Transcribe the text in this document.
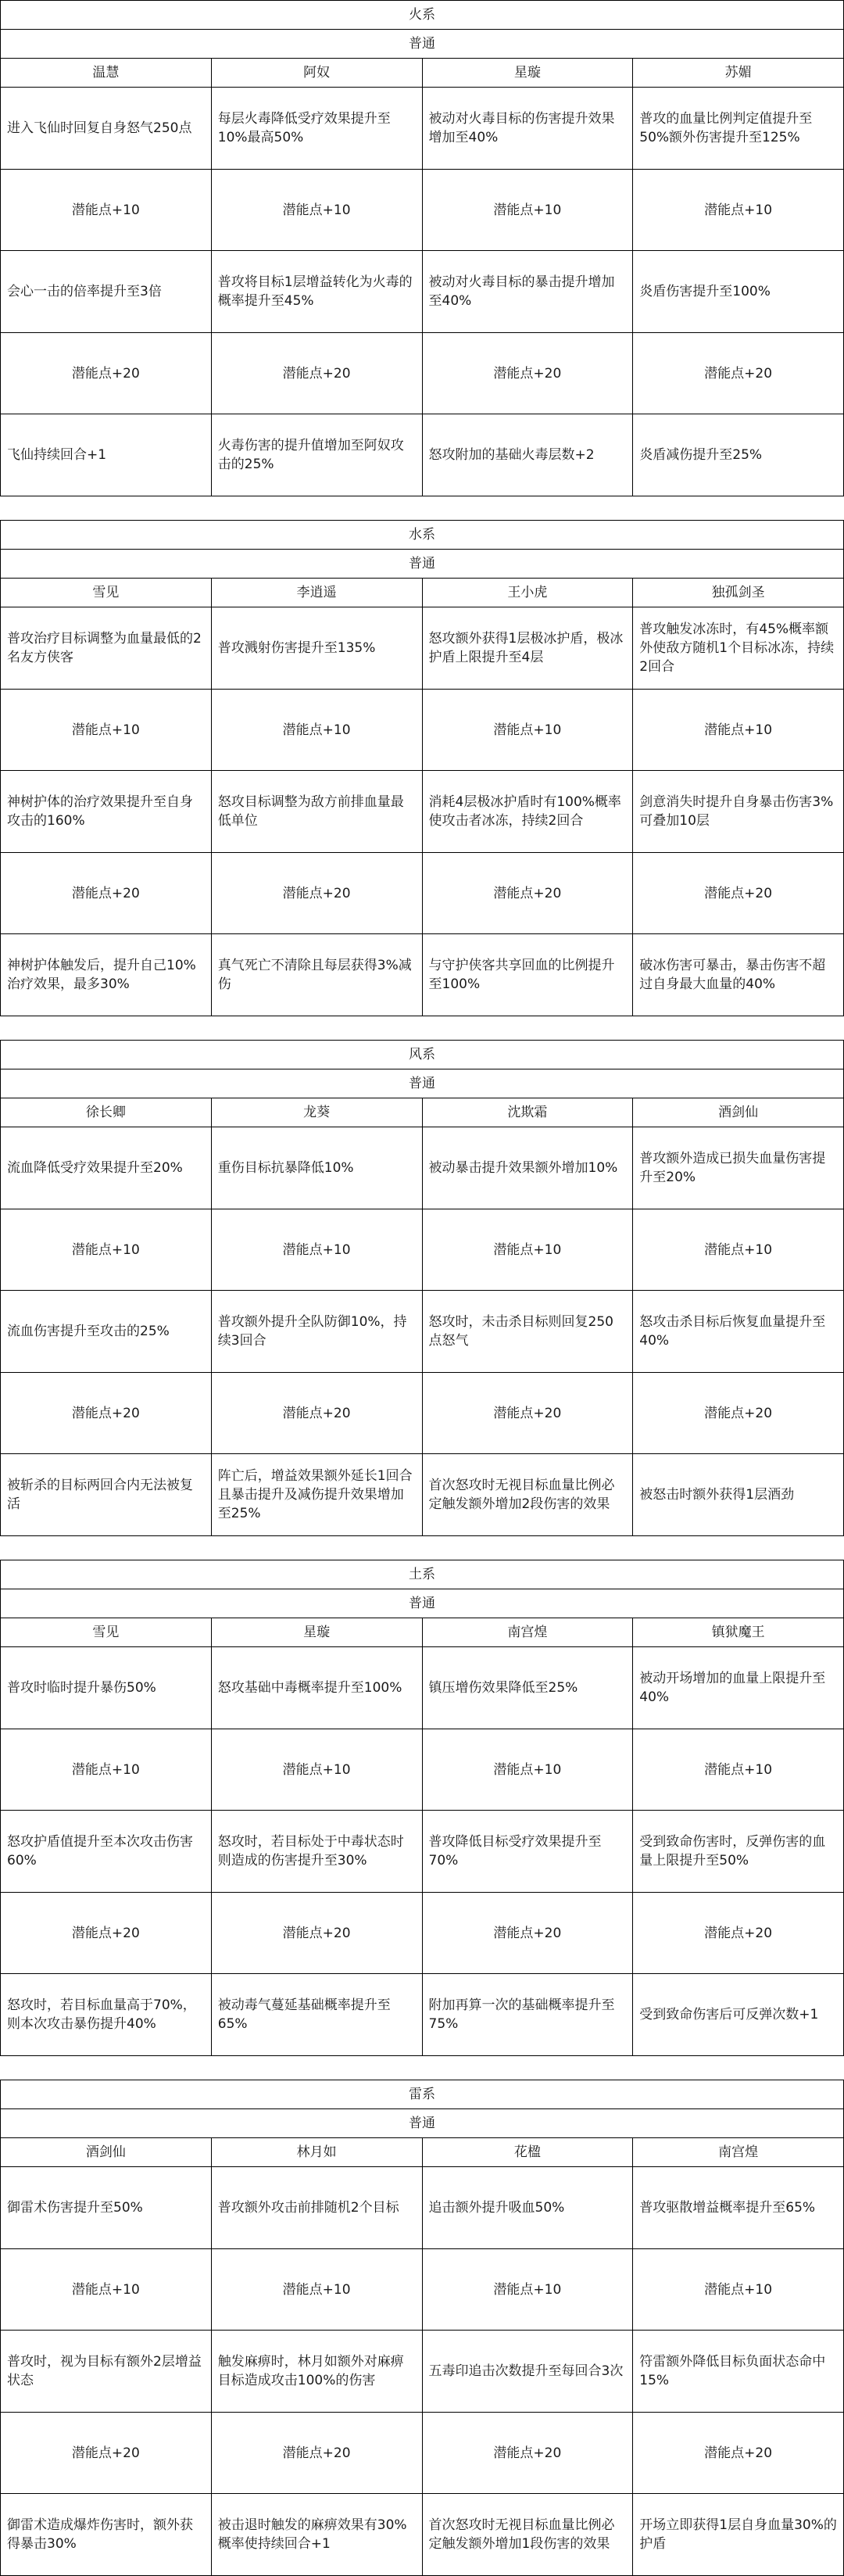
火系			
普通			
温慧	阿奴	星璇	苏媚
进入飞仙时回复自身怒气250点	每层火毒降低受疗效果提升至10%最高50%	被动对火毒目标的伤害提升效果增加至40%	普攻的血量比例判定值提升至50%额外伤害提升至125%
潜能点+10	潜能点+10	潜能点+10	潜能点+10
会心一击的倍率提升至3倍	普攻将目标1层增益转化为火毒的概率提升至45%	被动对火毒目标的暴击提升增加至40%	炎盾伤害提升至100%
潜能点+20	潜能点+20	潜能点+20	潜能点+20
飞仙持续回合+1	火毒伤害的提升值增加至阿奴攻击的25%	怒攻附加的基础火毒层数+2	炎盾减伤提升至25%
水系			
普通			
雪见	李逍遥	王小虎	独孤剑圣
普攻治疗目标调整为血量最低的2名友方侠客	普攻溅射伤害提升至135%	怒攻额外获得1层极冰护盾，极冰护盾上限提升至4层	普攻触发冰冻时，有45%概率额外使敌方随机1个目标冰冻，持续2回合
潜能点+10	潜能点+10	潜能点+10	潜能点+10
神树护体的治疗效果提升至自身攻击的160%	怒攻目标调整为敌方前排血量最低单位	消耗4层极冰护盾时有100%概率使攻击者冰冻，持续2回合	剑意消失时提升自身暴击伤害3%可叠加10层
潜能点+20	潜能点+20	潜能点+20	潜能点+20
神树护体触发后，提升自己10%治疗效果，最多30%	真气死亡不清除且每层获得3%减伤	与守护侠客共享回血的比例提升至100%	破冰伤害可暴击，暴击伤害不超过自身最大血量的40%
风系			
普通			
徐长卿	龙葵	沈欺霜	酒剑仙
流血降低受疗效果提升至20%	重伤目标抗暴降低10%	被动暴击提升效果额外增加10%	普攻额外造成已损失血量伤害提升至20%
潜能点+10	潜能点+10	潜能点+10	潜能点+10
流血伤害提升至攻击的25%	普攻额外提升全队防御10%，持续3回合	怒攻时，未击杀目标则回复250点怒气	怒攻击杀目标后恢复血量提升至40%
潜能点+20	潜能点+20	潜能点+20	潜能点+20
被斩杀的目标两回合内无法被复活	阵亡后，增益效果额外延长1回合且暴击提升及减伤提升效果增加至25%	首次怒攻时无视目标血量比例必定触发额外增加2段伤害的效果	被怒击时额外获得1层酒劲
土系			
普通			
雪见	星璇	南宫煌	镇狱魔王
普攻时临时提升暴伤50%	怒攻基础中毒概率提升至100%	镇压增伤效果降低至25%	被动开场增加的血量上限提升至40%
潜能点+10	潜能点+10	潜能点+10	潜能点+10
怒攻护盾值提升至本次攻击伤害60%	怒攻时，若目标处于中毒状态时则造成的伤害提升至30%	普攻降低目标受疗效果提升至70%	受到致命伤害时，反弹伤害的血量上限提升至50%
潜能点+20	潜能点+20	潜能点+20	潜能点+20
怒攻时，若目标血量高于70%，则本次攻击暴伤提升40%	被动毒气蔓延基础概率提升至65%	附加再算一次的基础概率提升至75%	受到致命伤害后可反弹次数+1
雷系			
普通			
酒剑仙	林月如	花楹	南宫煌
御雷术伤害提升至50%	普攻额外攻击前排随机2个目标	追击额外提升吸血50%	普攻驱散增益概率提升至65%
潜能点+10	潜能点+10	潜能点+10	潜能点+10
普攻时，视为目标有额外2层增益状态	触发麻痹时，林月如额外对麻痹目标造成攻击100%的伤害	五毒印追击次数提升至每回合3次	符雷额外降低目标负面状态命中15%
潜能点+20	潜能点+20	潜能点+20	潜能点+20
御雷术造成爆炸伤害时，额外获得暴击30%	被击退时触发的麻痹效果有30%概率使持续回合+1	首次怒攻时无视目标血量比例必定触发额外增加1段伤害的效果	开场立即获得1层自身血量30%的护盾
